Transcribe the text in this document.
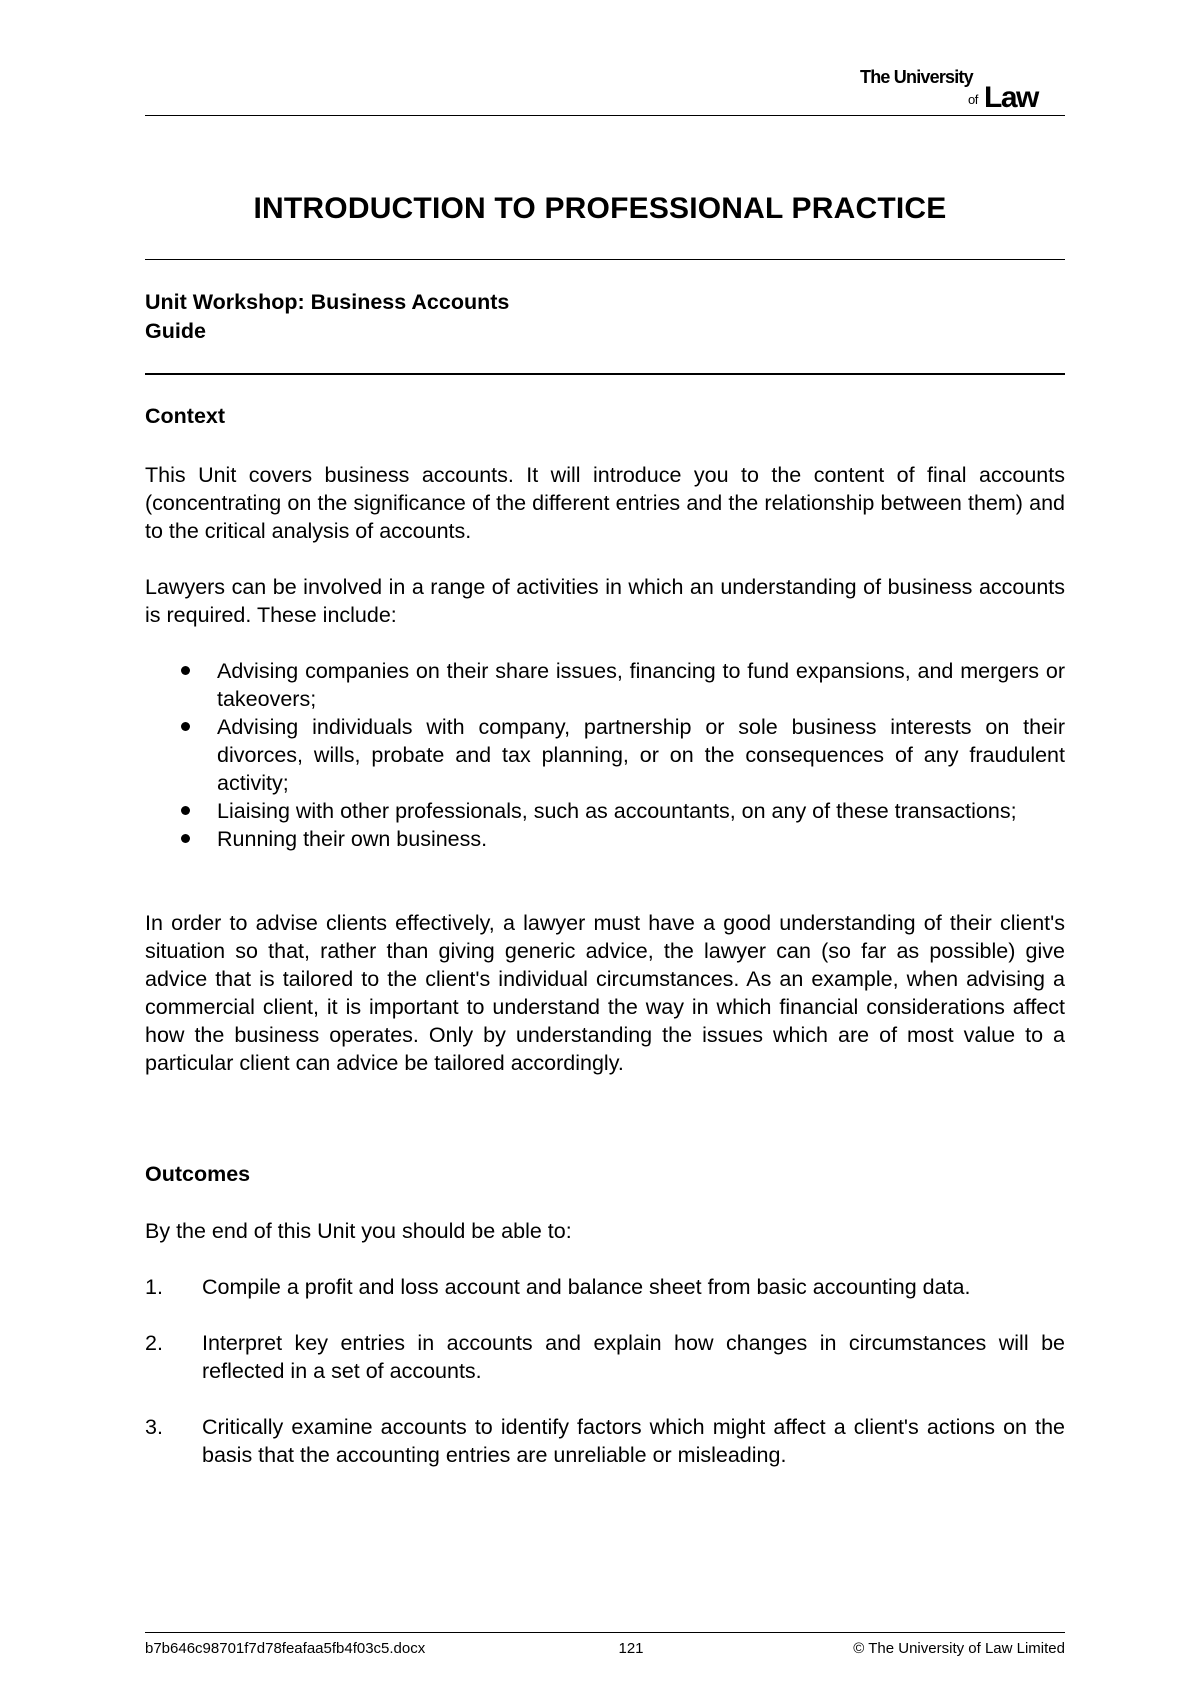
The University
of Law
INTRODUCTION TO PROFESSIONAL PRACTICE
Unit Workshop: Business Accounts
Guide
Context

This Unit covers business accounts. It will introduce you to the content of final accounts (concentrating on the significance of the different entries and the relationship between them) and to the critical analysis of accounts.

Lawyers can be involved in a range of activities in which an understanding of business accounts is required. These include:

Advising companies on their share issues, financing to fund expansions, and mergers or takeovers;
Advising individuals with company, partnership or sole business interests on their divorces, wills, probate and tax planning, or on the consequences of any fraudulent activity;
Liaising with other professionals, such as accountants, on any of these transactions;
Running their own business.

In order to advise clients effectively, a lawyer must have a good understanding of their client's situation so that, rather than giving generic advice, the lawyer can (so far as possible) give advice that is tailored to the client's individual circumstances. As an example, when advising a commercial client, it is important to understand the way in which financial considerations affect how the business operates. Only by understanding the issues which are of most value to a particular client can advice be tailored accordingly.

Outcomes

By the end of this Unit you should be able to:

1. Compile a profit and loss account and balance sheet from basic accounting data.
2. Interpret key entries in accounts and explain how changes in circumstances will be reflected in a set of accounts.
3. Critically examine accounts to identify factors which might affect a client's actions on the basis that the accounting entries are unreliable or misleading.
b7b646c98701f7d78feafaa5fb4f03c5.docx	121	© The University of Law Limited
